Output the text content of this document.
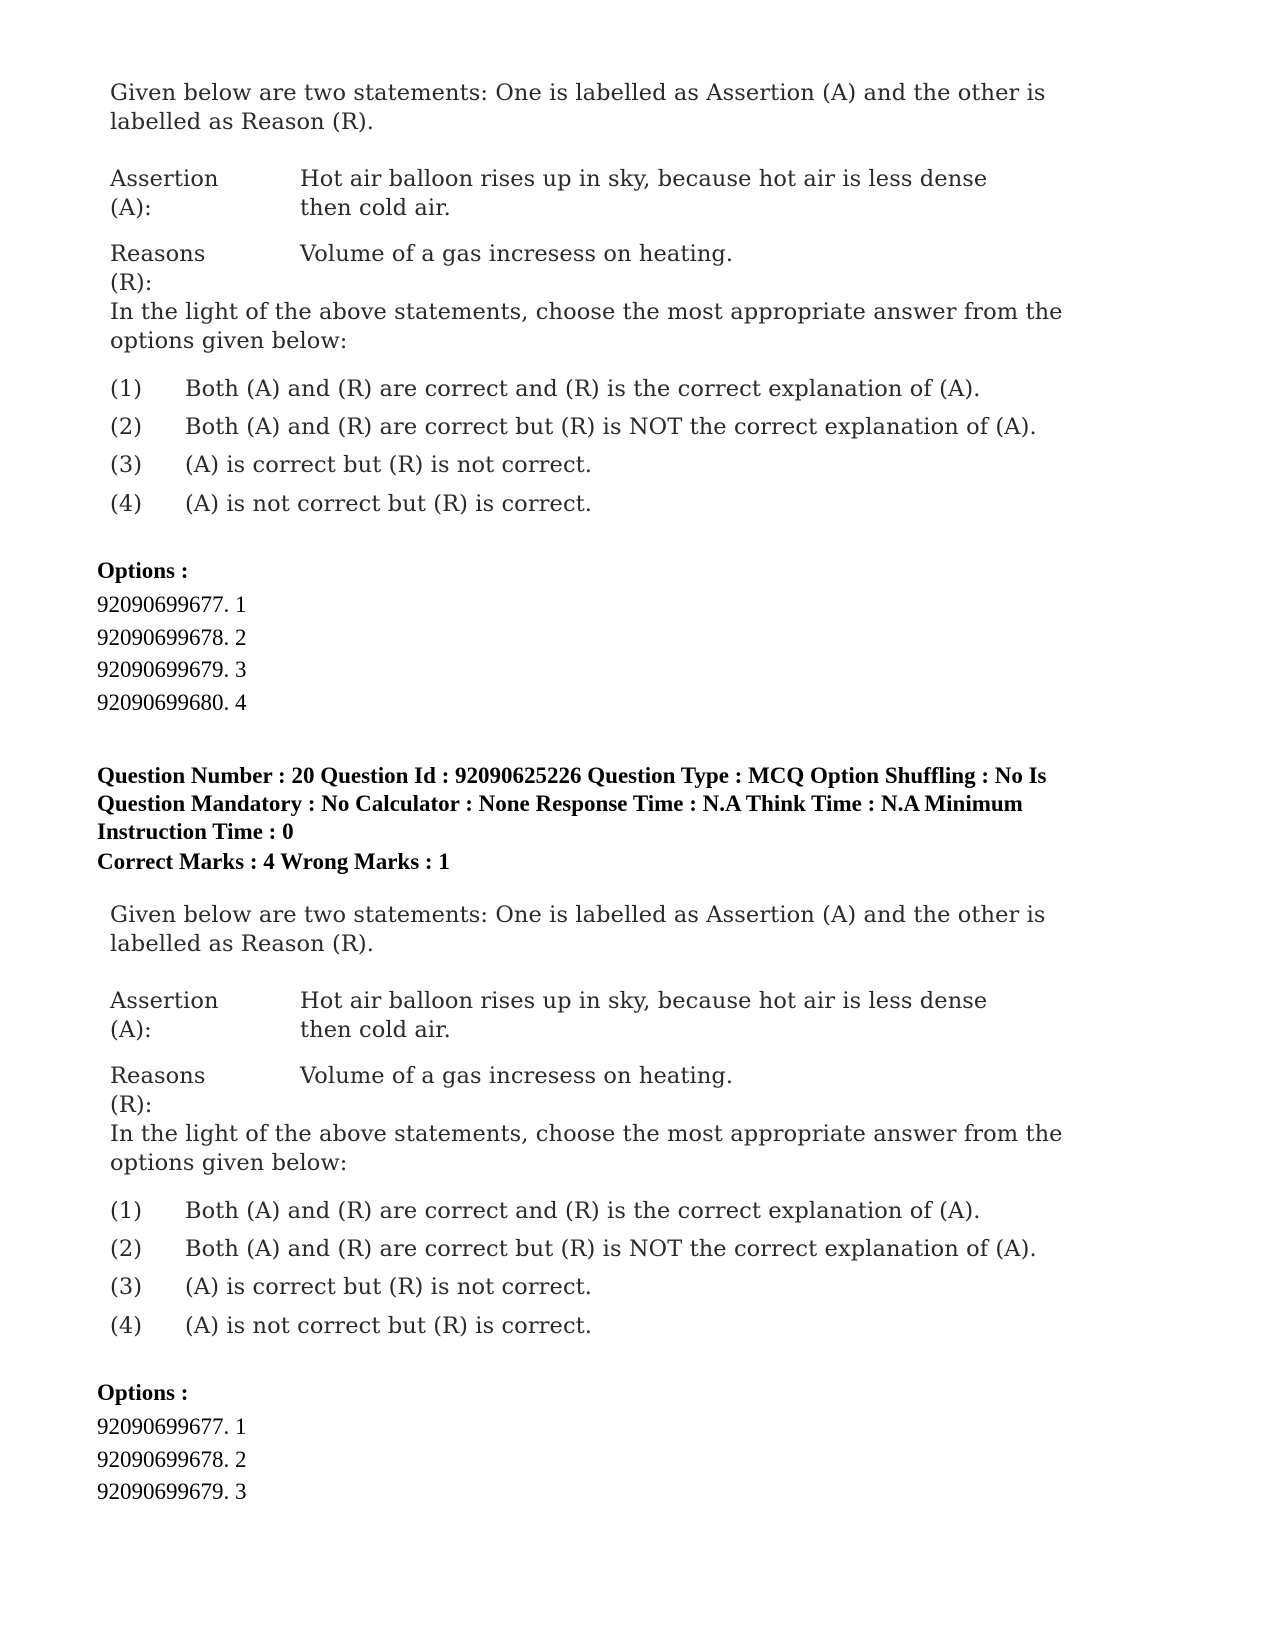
Given below are two statements: One is labelled as Assertion (A) and the other is labelled as Reason (R).
Assertion (A):
Hot air balloon rises up in sky, because hot air is less dense then cold air.
Reasons (R):
Volume of a gas incresess on heating.
In the light of the above statements, choose the most appropriate answer from the options given below:
(1) Both (A) and (R) are correct and (R) is the correct explanation of (A).
(2) Both (A) and (R) are correct but (R) is NOT the correct explanation of (A).
(3) (A) is correct but (R) is not correct.
(4) (A) is not correct but (R) is correct.
Options :
92090699677. 1
92090699678. 2
92090699679. 3
92090699680. 4
Question Number : 20 Question Id : 92090625226 Question Type : MCQ Option Shuffling : No Is Question Mandatory : No Calculator : None Response Time : N.A Think Time : N.A Minimum Instruction Time : 0
Correct Marks : 4 Wrong Marks : 1
Given below are two statements: One is labelled as Assertion (A) and the other is labelled as Reason (R).
Assertion (A):
Hot air balloon rises up in sky, because hot air is less dense then cold air.
Reasons (R):
Volume of a gas incresess on heating.
In the light of the above statements, choose the most appropriate answer from the options given below:
(1) Both (A) and (R) are correct and (R) is the correct explanation of (A).
(2) Both (A) and (R) are correct but (R) is NOT the correct explanation of (A).
(3) (A) is correct but (R) is not correct.
(4) (A) is not correct but (R) is correct.
Options :
92090699677. 1
92090699678. 2
92090699679. 3
